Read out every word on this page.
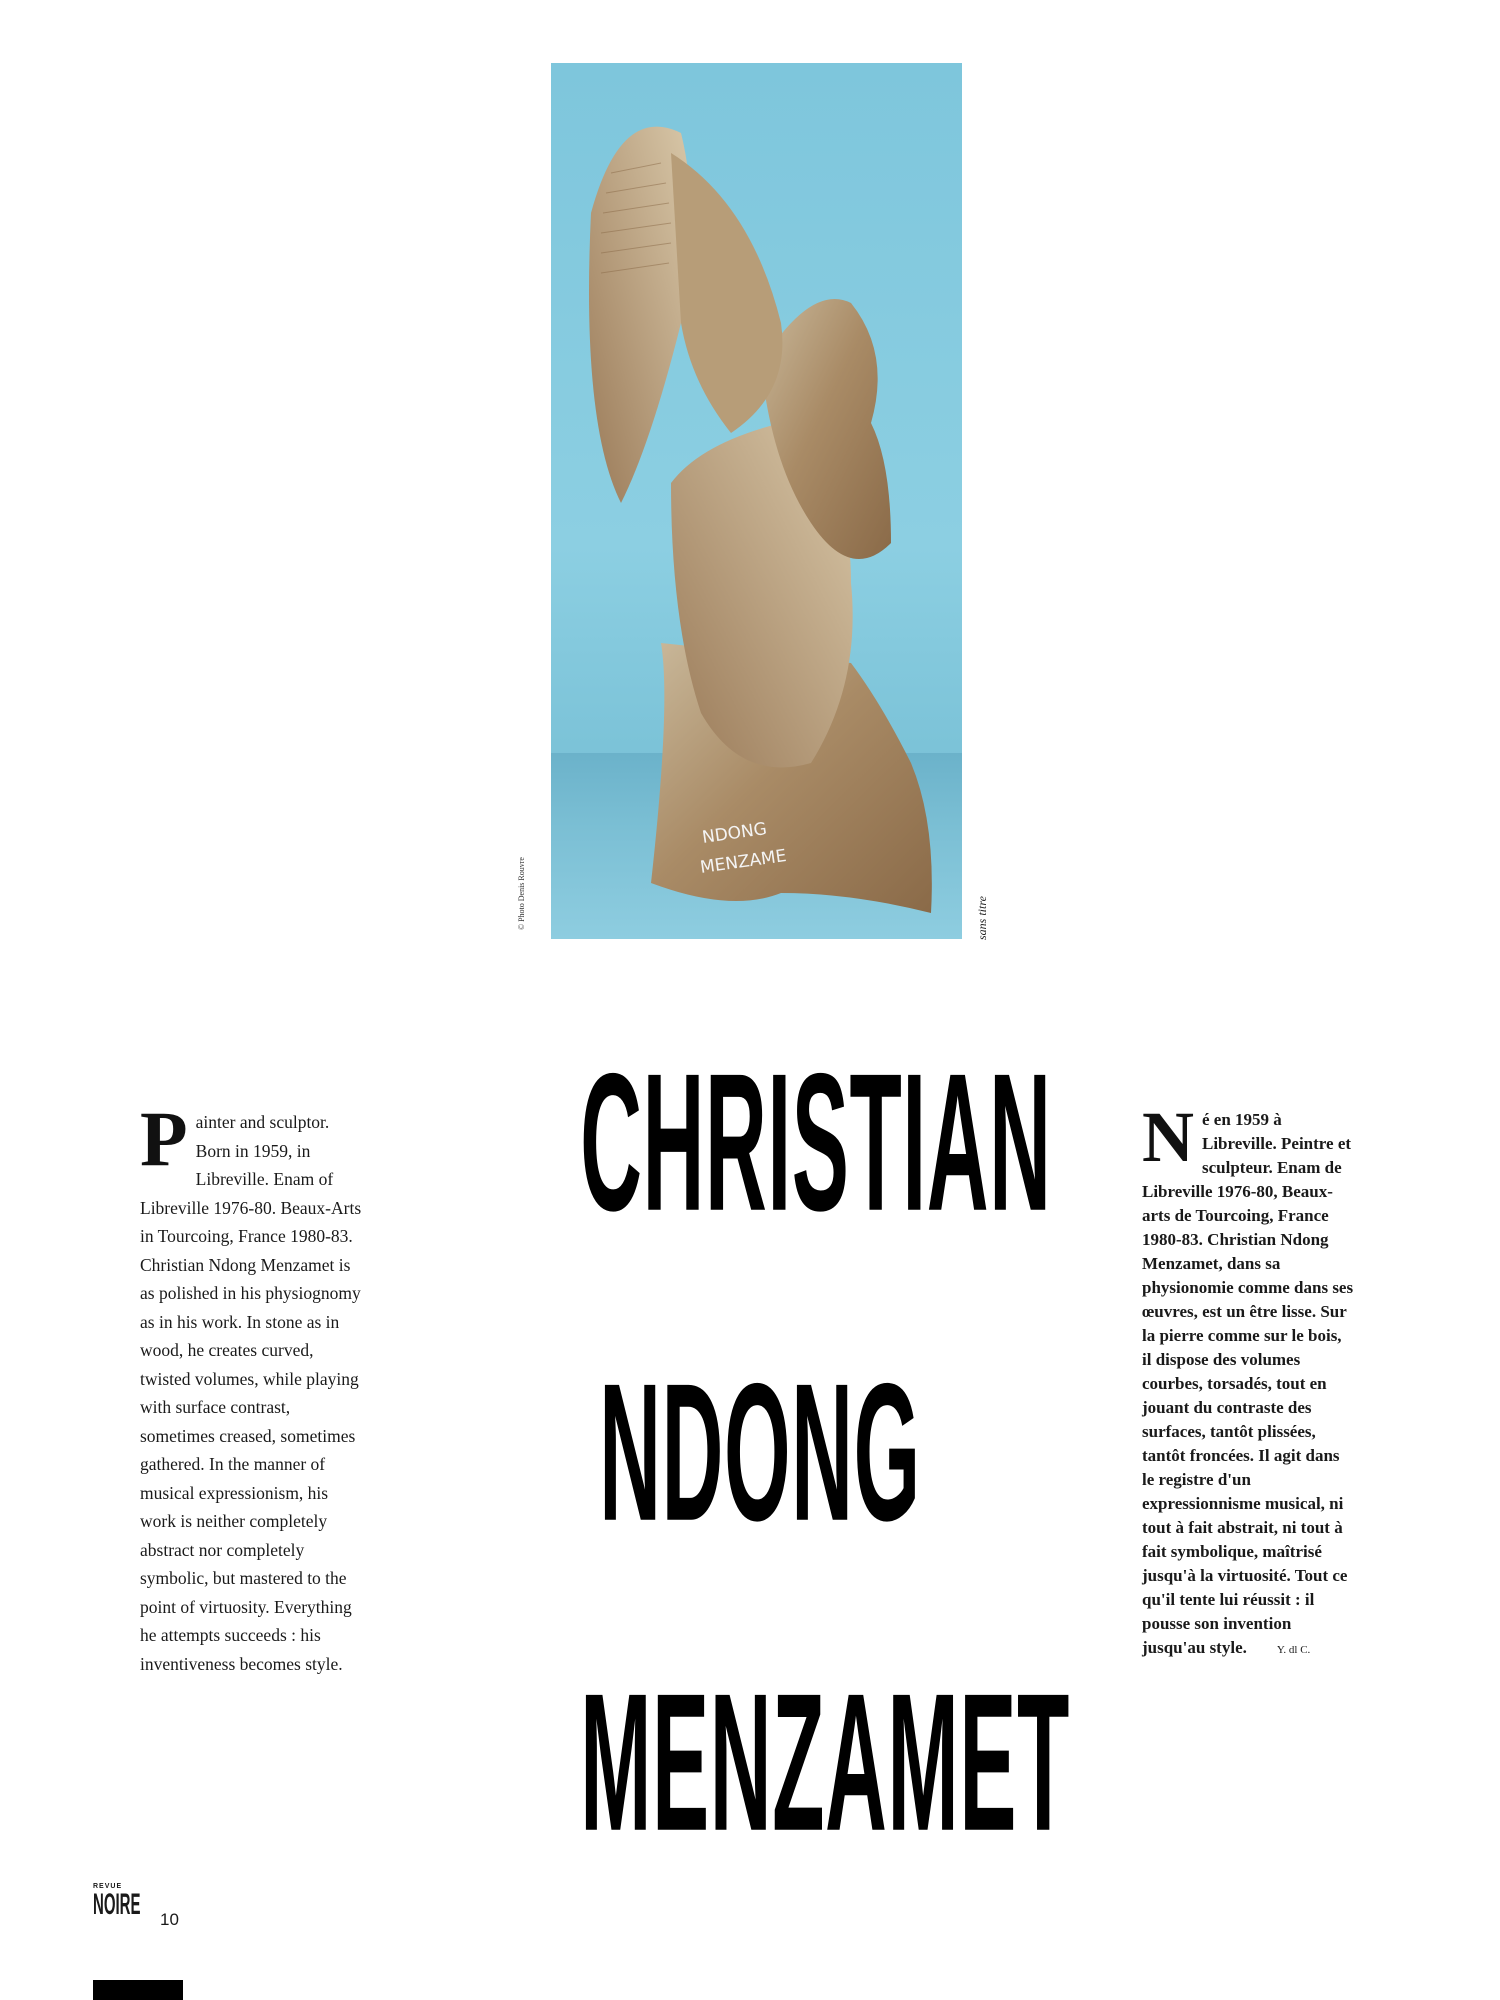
NDONG
MENZAME
© Photo Denis Rouvre	sans titre
CHRISTIAN
NDONG
MENZAMET
Painter and sculptor. Born in 1959, in Libreville. Enam of Libreville 1976-80. Beaux-Arts in Tourcoing, France 1980-83. Christian Ndong Menzamet is as polished in his physiognomy as in his work. In stone as in wood, he creates curved, twisted volumes, while playing with surface contrast, sometimes creased, sometimes gathered. In the manner of musical expressionism, his work is neither completely abstract nor completely symbolic, but mastered to the point of virtuosity. Everything he attempts succeeds : his inventiveness becomes style.
Né en 1959 à Libreville. Peintre et sculpteur. Enam de Libreville 1976-80, Beaux-arts de Tourcoing, France 1980-83. Christian Ndong Menzamet, dans sa physionomie comme dans ses œuvres, est un être lisse. Sur la pierre comme sur le bois, il dispose des volumes courbes, torsadés, tout en jouant du contraste des surfaces, tantôt plissées, tantôt froncées. Il agit dans le registre d'un expressionnisme musical, ni tout à fait abstrait, ni tout à fait symbolique, maîtrisé jusqu'à la virtuosité. Tout ce qu'il tente lui réussit : il pousse son invention jusqu'au style.	Y. dl C.
REVUE
NOIRE 10
